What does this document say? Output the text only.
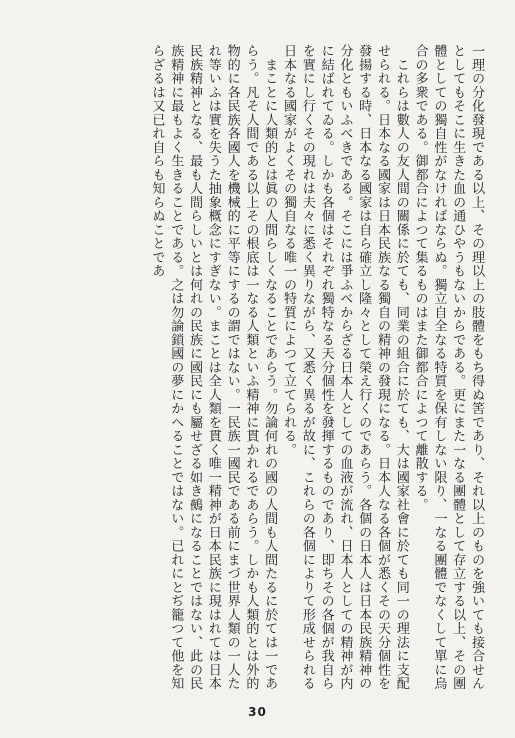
一理の分化發現である以上、その理以上の肢體をもち得ぬ筈であり、それ以上のものを強いても接合せんとしてもそこに生きた血の通ひやうもないからである。更にまた一なる團體として存立する以上、その團體としての獨自性がなければならぬ。獨立自全なる特質を保有しない限り、一なる團體でなくして單に烏合の多衆である。御都合によつて集るものはまた御都合によつて離散する。
　これらは數人の友人間の關係に於ても、同業の組合に於ても、大は國家社會に於ても同一の理法に支配せられる。日本なる國家は日本民族なる獨自の精神の發現になる。日本人なる各個が悉くその天分個性を發揚する時、日本なる國家は自ら確立し隆々として榮え行くのであらう。各個の日本人は日本民族精神の分化ともいふべきである。そこには爭ふべからざる日本人としての血液が流れ、日本人としての精神が内に結ばれてゐる。しかも各個はそれぞれ獨特なる天分個性を發揮するものであり、即ちその各個が我自らを實にし行くその現れは夫々に悉く異りながら、又悉く異るが故に、これらの各個によりて形成せられる日本なる國家がよくその獨自なる唯一の特質によつて立てられる。
　まことに人類的とは眞の人間らしくなることであらう。勿論何れの國の人間も人間たるに於ては一であらう。凡そ人間である以上その根底は一なる人類といふ精神に貫かれるであらう。しかも人類的とは外的物的に各民族各國人を機械的に平等にするの謂ではない。一民族一國民である前にまづ世界人類の一人たれ等いふは實を失うた抽象概念にすぎない。まことは全人類を貫く唯一精神が日本民族に現はれては日本民族精神となる、最も人間らしいとは何れの民族に國民にも屬せざる如き鵺になることではない、此の民族精神に最もよく生きることである。之は勿論鎖國の夢にかへることではない。已れにとぢ籠つて他を知らざるは又已れ自らも知らぬことであ
30
